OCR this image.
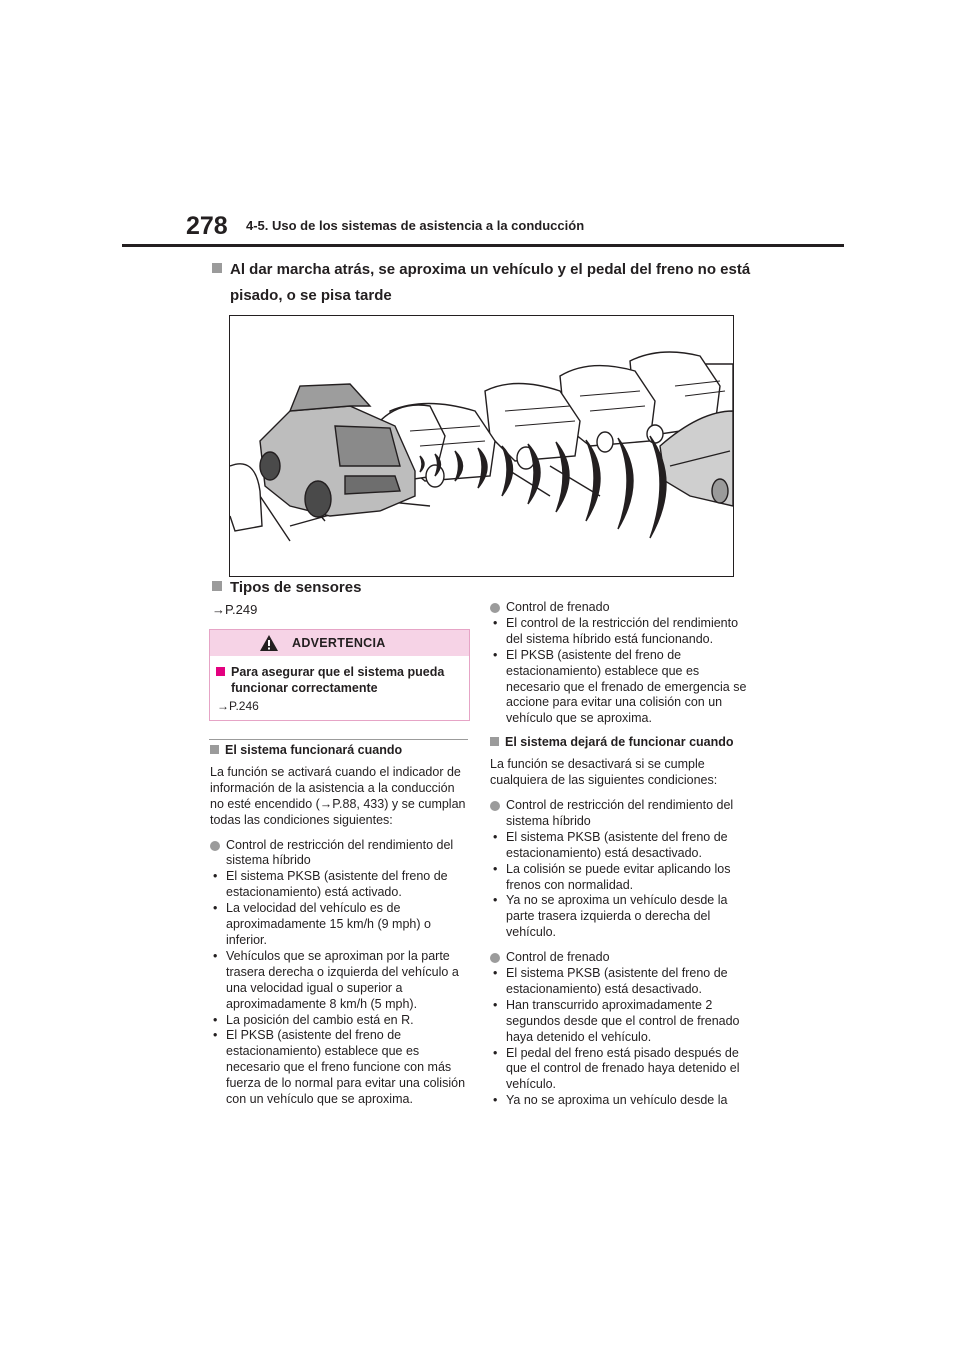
278 4-5. Uso de los sistemas de asistencia a la conducción
Al dar marcha atrás, se aproxima un vehículo y el pedal del freno no está
pisado, o se pisa tarde
Tipos de sensores
→P.249
ADVERTENCIA
Para asegurar que el sistema pueda
funcionar correctamente
→P.246

El sistema funcionará cuando

La función se activará cuando el indicador de información de la asistencia a la conducción no esté encendido (→P.88, 433) y se cumplan todas las condiciones siguientes:

Control de restricción del rendimiento del sistema híbrido
• El sistema PKSB (asistente del freno de estacionamiento) está activado.
• La velocidad del vehículo es de aproximadamente 15 km/h (9 mph) o inferior.
• Vehículos que se aproximan por la parte trasera derecha o izquierda del vehículo a una velocidad igual o superior a aproximadamente 8 km/h (5 mph).
• La posición del cambio está en R.
• El PKSB (asistente del freno de estacionamiento) establece que es necesario que el freno funcione con más fuerza de lo normal para evitar una colisión con un vehículo que se aproxima.
Control de frenado
• El control de la restricción del rendimiento del sistema híbrido está funcionando.
• El PKSB (asistente del freno de estacionamiento) establece que es necesario que el frenado de emergencia se accione para evitar una colisión con un vehículo que se aproxima.

El sistema dejará de funcionar cuando

La función se desactivará si se cumple cualquiera de las siguientes condiciones:

Control de restricción del rendimiento del sistema híbrido
• El sistema PKSB (asistente del freno de estacionamiento) está desactivado.
• La colisión se puede evitar aplicando los frenos con normalidad.
• Ya no se aproxima un vehículo desde la parte trasera izquierda o derecha del vehículo.
Control de frenado
• El sistema PKSB (asistente del freno de estacionamiento) está desactivado.
• Han transcurrido aproximadamente 2 segundos desde que el control de frenado haya detenido el vehículo.
• El pedal del freno está pisado después de que el control de frenado haya detenido el vehículo.
• Ya no se aproxima un vehículo desde la
